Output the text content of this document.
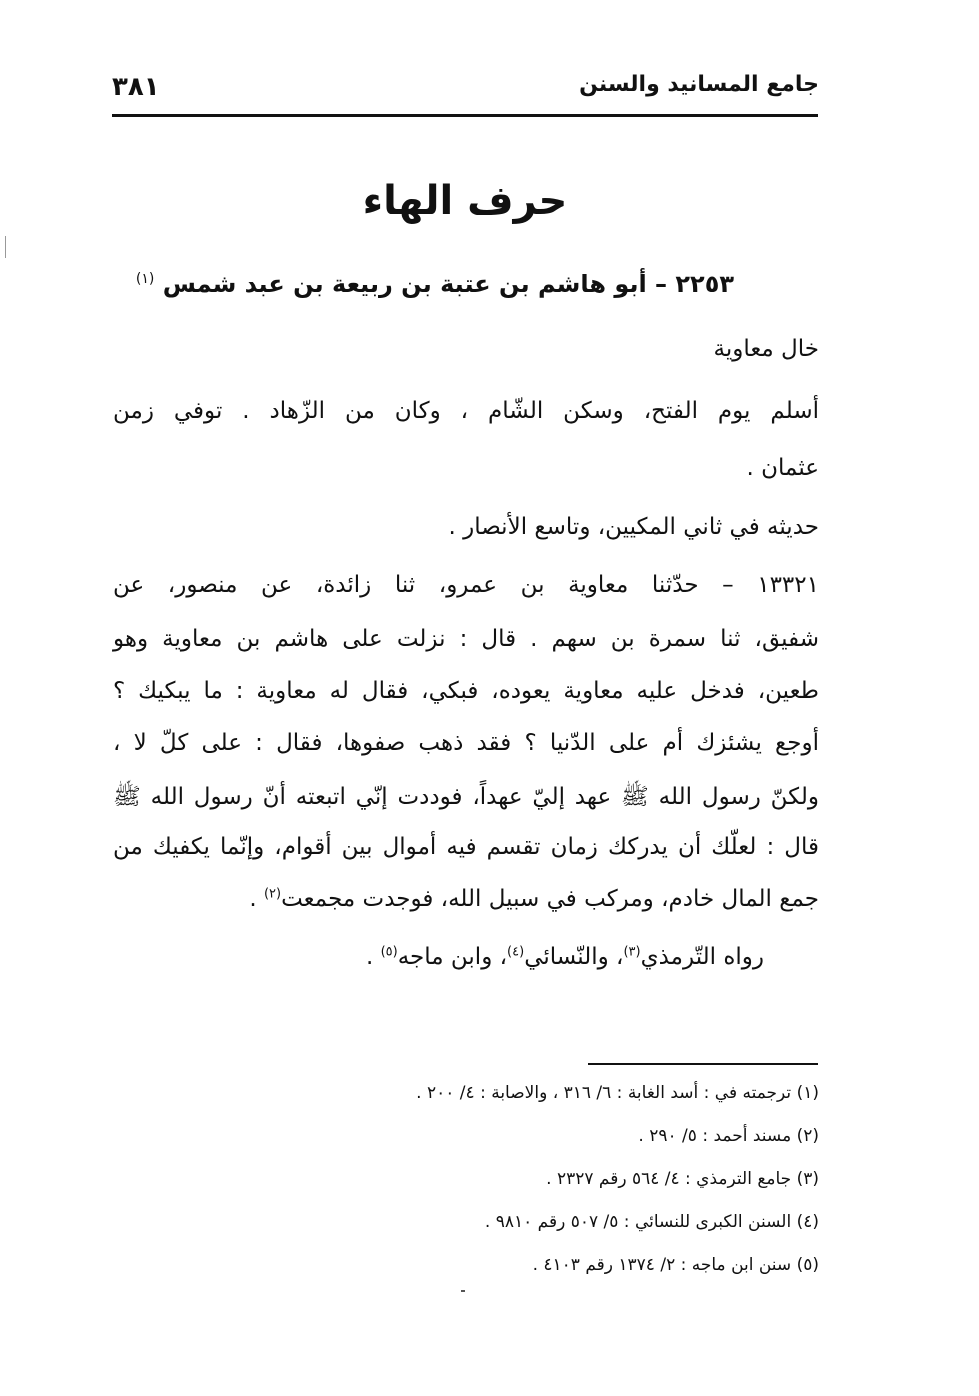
جامع المسانيد والسنن
٣٨١
حرف الهاء
٢٢٥٣ – أبو هاشم بن عتبة بن ربيعة بن عبد شمس $^{(١)}$
خال معاوية
أسلم يوم الفتح، وسكن الشّام ، وكان من الزّهاد . توفي زمن
عثمان .
حديثه في ثاني المكيين، وتاسع الأنصار .
١٣٣٢١ – حدّثنا معاوية بن عمرو، ثنا زائدة، عن منصور، عن
شفيق، ثنا سمرة بن سهم . قال : نزلت على هاشم بن معاوية وهو
طعين، فدخل عليه معاوية يعوده، فبكي، فقال له معاوية : ما يبكيك ؟
أوجع يشئزك أم على الدّنيا ؟ فقد ذهب صفوها، فقال : على كلّ لا ،
ولكنّ رسول الله ﷺ عهد إليّ عهداً، فوددت إنّي اتبعته أنّ رسول الله ﷺ
قال : لعلّك أن يدركك زمان تقسم فيه أموال بين أقوام، وإنّما يكفيك من
جمع المال خادم، ومركب في سبيل الله، فوجدت مجمعت$^{(٢)}$ .
رواه التّرمذي$^{(٣)}$، والنّسائي$^{(٤)}$، وابن ماجه$^{(٥)}$ .
(١) ترجمته في : أسد الغابة : ٦/ ٣١٦ ، والاصابة : ٤/ ٢٠٠ .
(٢) مسند أحمد : ٥/ ٢٩٠ .
(٣) جامع الترمذي : ٤/ ٥٦٤ رقم ٢٣٢٧ .
(٤) السنن الكبرى للنسائي : ٥/ ٥٠٧ رقم ٩٨١٠ .
(٥) سنن ابن ماجه : ٢/ ١٣٧٤ رقم ٤١٠٣ .
